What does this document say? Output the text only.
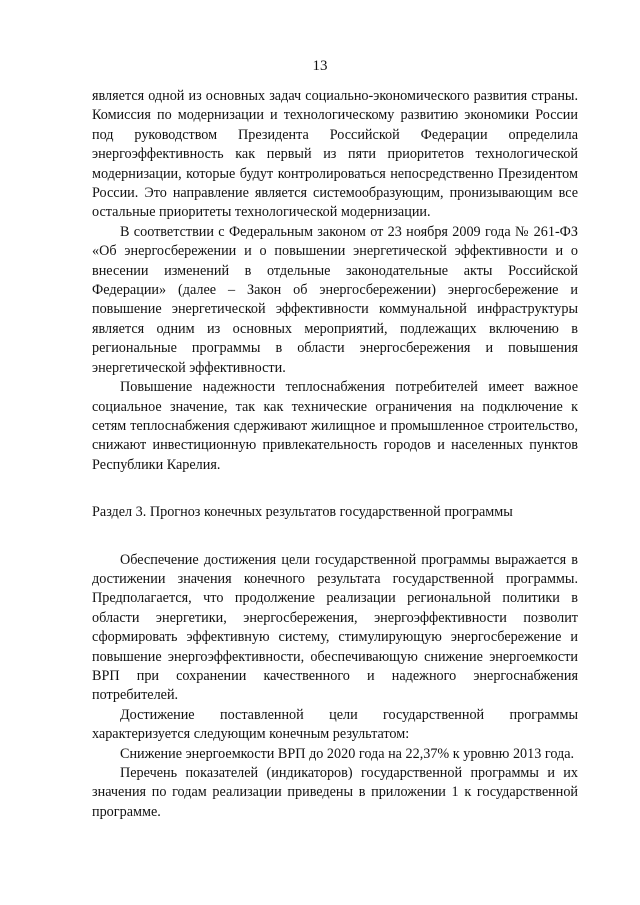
13

является одной из основных задач социально-экономического развития страны. Комиссия по модернизации и технологическому развитию экономики России под руководством Президента Российской Федерации определила энергоэффективность как первый из пяти приоритетов технологической модернизации, которые будут контролироваться непосредственно Президентом России. Это направление является системообразующим, пронизывающим все остальные приоритеты технологической модернизации.

В соответствии с Федеральным законом от 23 ноября 2009 года № 261-ФЗ «Об энергосбережении и о повышении энергетической эффективности и о внесении изменений в отдельные законодательные акты Российской Федерации» (далее – Закон об энергосбережении) энергосбережение и повышение энергетической эффективности коммунальной инфраструктуры является одним из основных мероприятий, подлежащих включению в региональные программы в области энергосбережения и повышения энергетической эффективности.

Повышение надежности теплоснабжения потребителей имеет важное социальное значение, так как технические ограничения на подключение к сетям теплоснабжения сдерживают жилищное и промышленное строительство, снижают инвестиционную привлекательность городов и населенных пунктов Республики Карелия.

Раздел 3. Прогноз конечных результатов государственной программы

Обеспечение достижения цели государственной программы выражается в достижении значения конечного результата государственной программы. Предполагается, что продолжение реализации региональной политики в области энергетики, энергосбережения, энергоэффективности позволит сформировать эффективную систему, стимулирующую энергосбережение и повышение энергоэффективности, обеспечивающую снижение энергоемкости ВРП при сохранении качественного и надежного энергоснабжения потребителей.

Достижение поставленной цели государственной программы характеризуется следующим конечным результатом:

Снижение энергоемкости ВРП до 2020 года на 22,37% к уровню 2013 года.

Перечень показателей (индикаторов) государственной программы и их значения по годам реализации приведены в приложении 1 к государственной программе.
